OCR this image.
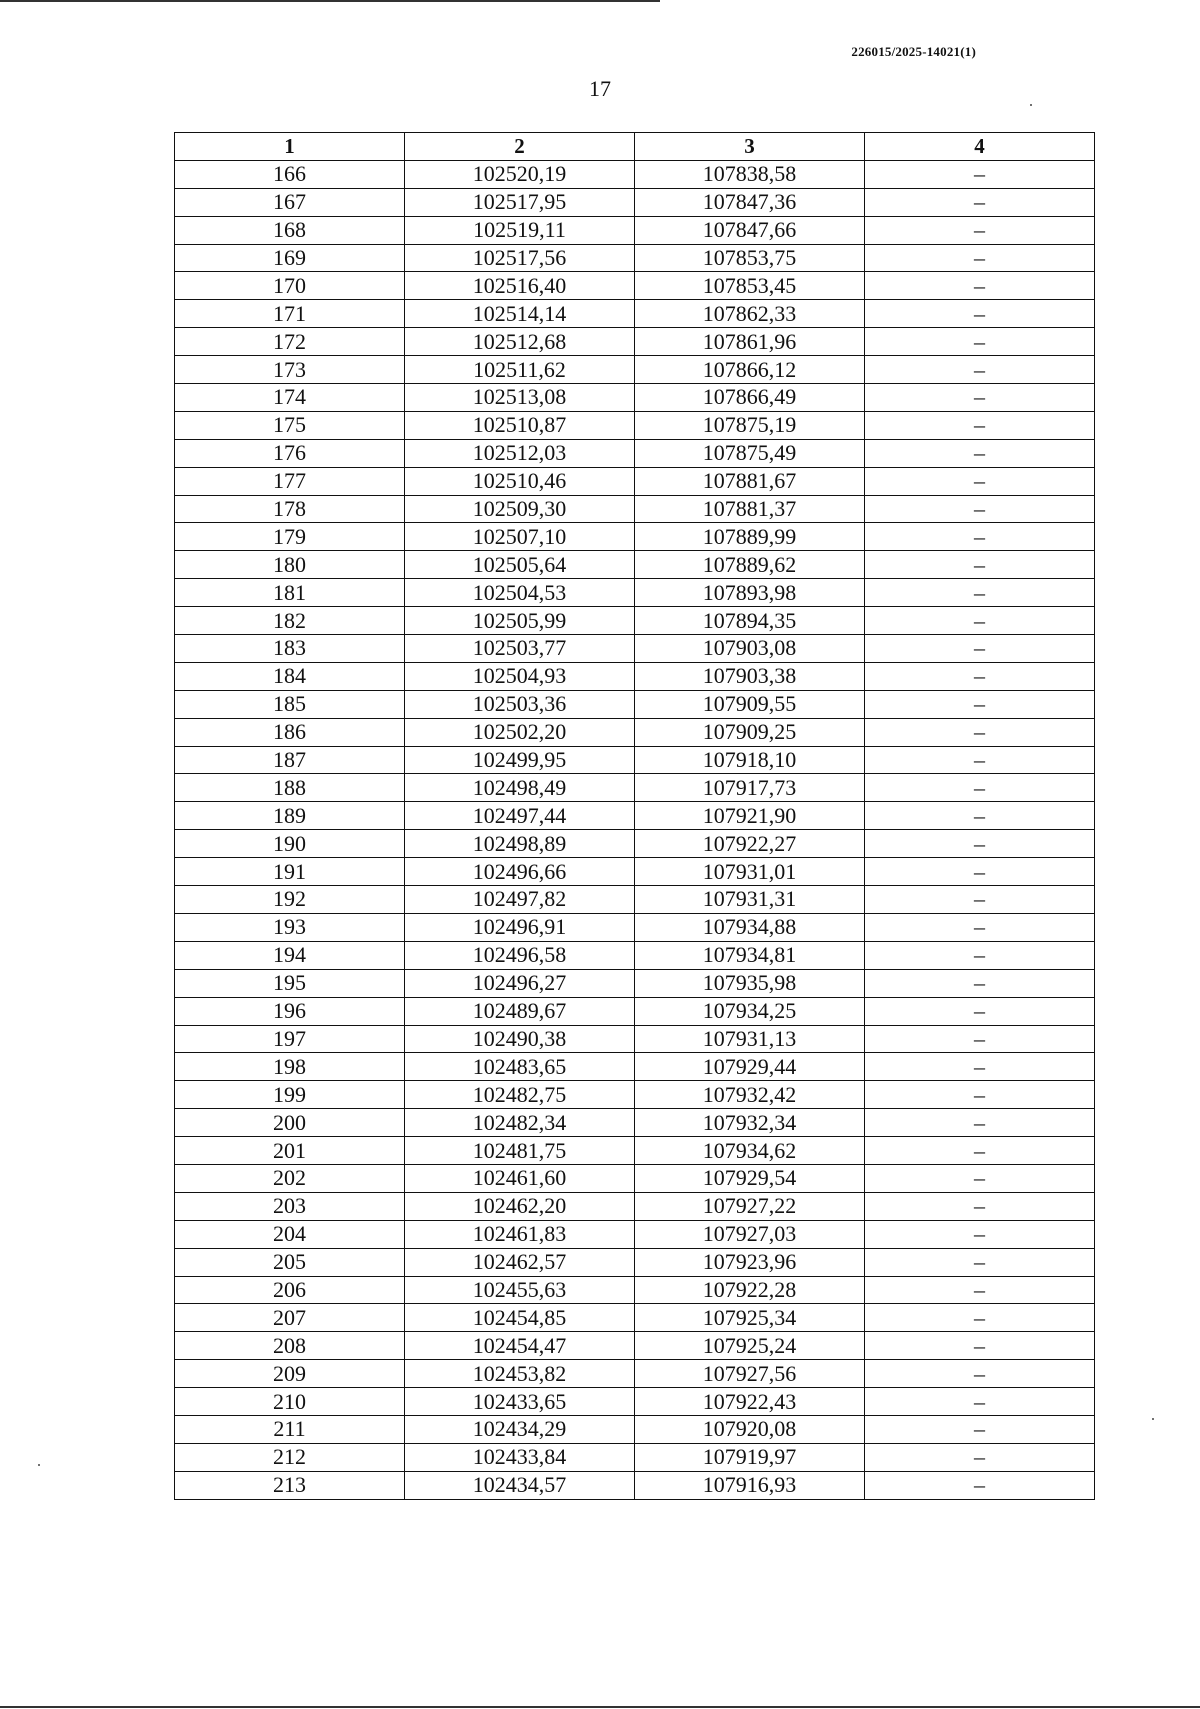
226015/2025-14021(1)
17
1	2	3	4
166	102520,19	107838,58	–
167	102517,95	107847,36	–
168	102519,11	107847,66	–
169	102517,56	107853,75	–
170	102516,40	107853,45	–
171	102514,14	107862,33	–
172	102512,68	107861,96	–
173	102511,62	107866,12	–
174	102513,08	107866,49	–
175	102510,87	107875,19	–
176	102512,03	107875,49	–
177	102510,46	107881,67	–
178	102509,30	107881,37	–
179	102507,10	107889,99	–
180	102505,64	107889,62	–
181	102504,53	107893,98	–
182	102505,99	107894,35	–
183	102503,77	107903,08	–
184	102504,93	107903,38	–
185	102503,36	107909,55	–
186	102502,20	107909,25	–
187	102499,95	107918,10	–
188	102498,49	107917,73	–
189	102497,44	107921,90	–
190	102498,89	107922,27	–
191	102496,66	107931,01	–
192	102497,82	107931,31	–
193	102496,91	107934,88	–
194	102496,58	107934,81	–
195	102496,27	107935,98	–
196	102489,67	107934,25	–
197	102490,38	107931,13	–
198	102483,65	107929,44	–
199	102482,75	107932,42	–
200	102482,34	107932,34	–
201	102481,75	107934,62	–
202	102461,60	107929,54	–
203	102462,20	107927,22	–
204	102461,83	107927,03	–
205	102462,57	107923,96	–
206	102455,63	107922,28	–
207	102454,85	107925,34	–
208	102454,47	107925,24	–
209	102453,82	107927,56	–
210	102433,65	107922,43	–
211	102434,29	107920,08	–
212	102433,84	107919,97	–
213	102434,57	107916,93	–
